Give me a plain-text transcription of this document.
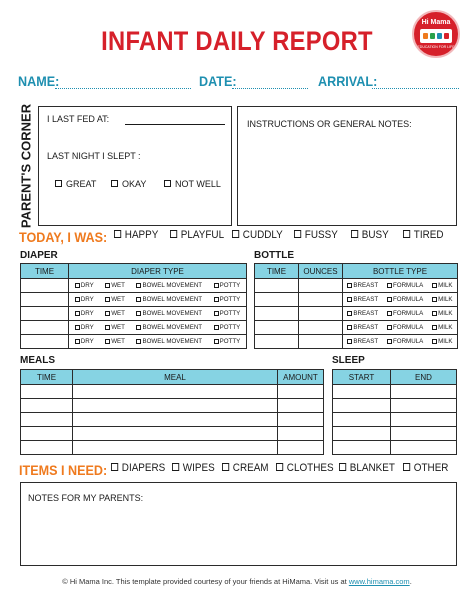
INFANT DAILY REPORT
Hi Mama
EDUCATION FOR LIFE
NAME:	DATE:	ARRIVAL:
PARENT'S CORNER I LAST FED AT:
LAST NIGHT I SLEPT :
GREAT	OKAY	NOT WELL
INSTRUCTIONS OR GENERAL NOTES:
TODAY, I WAS:	HAPPY	PLAYFUL	CUDDLY	FUSSY	BUSY	TIRED
DIAPER
TIME	DIAPER TYPE

	DRY WET BOWEL MOVEMENT POTTY

	DRY WET BOWEL MOVEMENT POTTY

	DRY WET BOWEL MOVEMENT POTTY

	DRY WET BOWEL MOVEMENT POTTY

	DRY WET BOWEL MOVEMENT POTTY
BOTTLE
TIME	OUNCES	BOTTLE TYPE

		BREAST FORMULA MILK

		BREAST FORMULA MILK

		BREAST FORMULA MILK

		BREAST FORMULA MILK

		BREAST FORMULA MILK
MEALS
TIME	MEAL	AMOUNT

SLEEP
START	END

ITEMS I NEED:	DIAPERS	WIPES	CREAM	CLOTHES	BLANKET	OTHER
NOTES FOR MY PARENTS:
© Hi Mama Inc. This template provided courtesy of your friends at HiMama. Visit us at www.himama.com.
